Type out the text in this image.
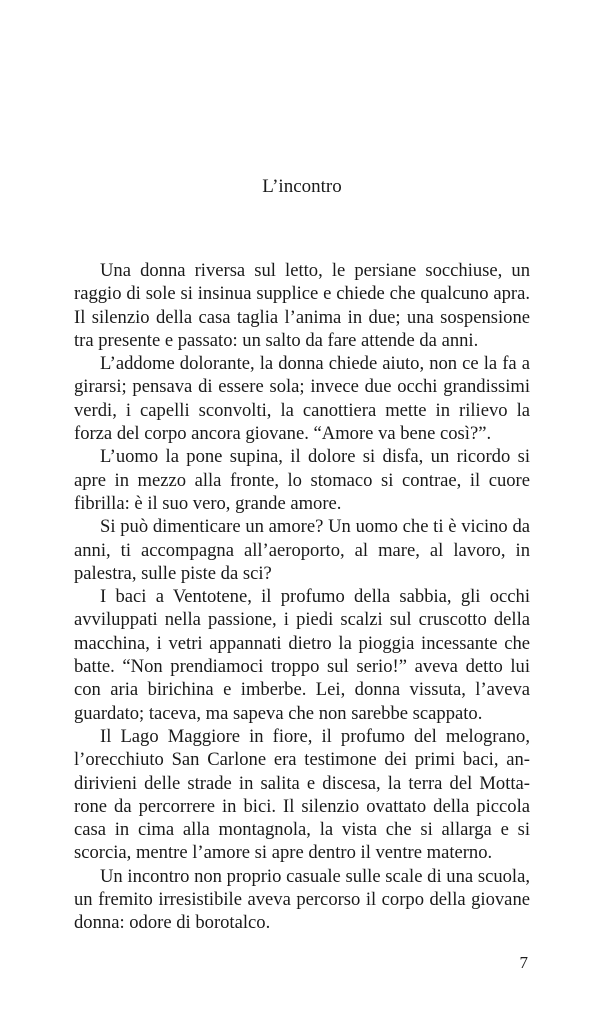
L’incontro

Una donna riversa sul letto, le persiane socchiuse, un raggio di sole si insinua supplice e chiede che qualcuno apra. Il silenzio della casa taglia l’anima in due; una sospensione tra presente e passato: un salto da fare attende da anni.

L’addome dolorante, la donna chiede aiuto, non ce la fa a girarsi; pensava di essere sola; invece due occhi grandissimi verdi, i capelli sconvolti, la canottiera mette in rilievo la forza del corpo ancora giovane. “Amore va bene così?”.

L’uomo la pone supina, il dolore si disfa, un ricordo si apre in mezzo alla fronte, lo stomaco si contrae, il cuore fibrilla: è il suo vero, grande amore.

Si può dimenticare un amore? Un uomo che ti è vicino da anni, ti accompagna all’aeroporto, al mare, al lavoro, in palestra, sulle piste da sci?

I baci a Ventotene, il profumo della sabbia, gli occhi avviluppati nella passione, i piedi scalzi sul cruscotto della macchina, i vetri appannati dietro la pioggia incessante che batte. “Non prendiamoci troppo sul serio!” aveva detto lui con aria birichina e imberbe. Lei, donna vissuta, l’aveva guardato; taceva, ma sapeva che non sarebbe scappato.

Il Lago Maggiore in fiore, il profumo del melograno, l’orecchiuto San Carlone era testimone dei primi baci, andirivieni delle strade in salita e discesa, la terra del Mottarone da percorrere in bici. Il silenzio ovattato della piccola casa in cima alla montagnola, la vista che si allarga e si scorcia, mentre l’amore si apre dentro il ventre materno.

Un incontro non proprio casuale sulle scale di una scuola, un fremito irresistibile aveva percorso il corpo della giovane donna: odore di borotalco.

7
